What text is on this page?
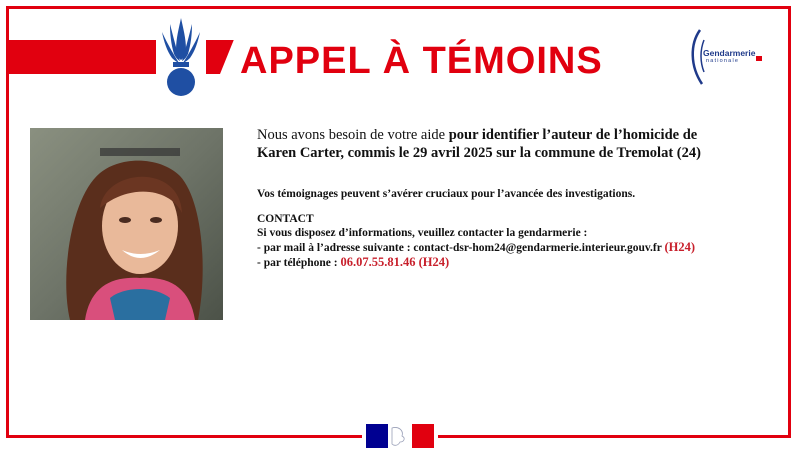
APPEL À TÉMOINS	Gendarmerie
nationale

Nous avons besoin de votre aide pour identifier l’auteur de l’homicide de
Karen Carter, commis le 29 avril 2025 sur la commune de Tremolat (24)

Vos témoignages peuvent s’avérer cruciaux pour l’avancée des investigations.

CONTACT
Si vous disposez d’informations, veuillez contacter la gendarmerie :
- par mail à l’adresse suivante : contact-dsr-hom24@gendarmerie.interieur.gouv.fr (H24)
- par téléphone : 06.07.55.81.46 (H24)
